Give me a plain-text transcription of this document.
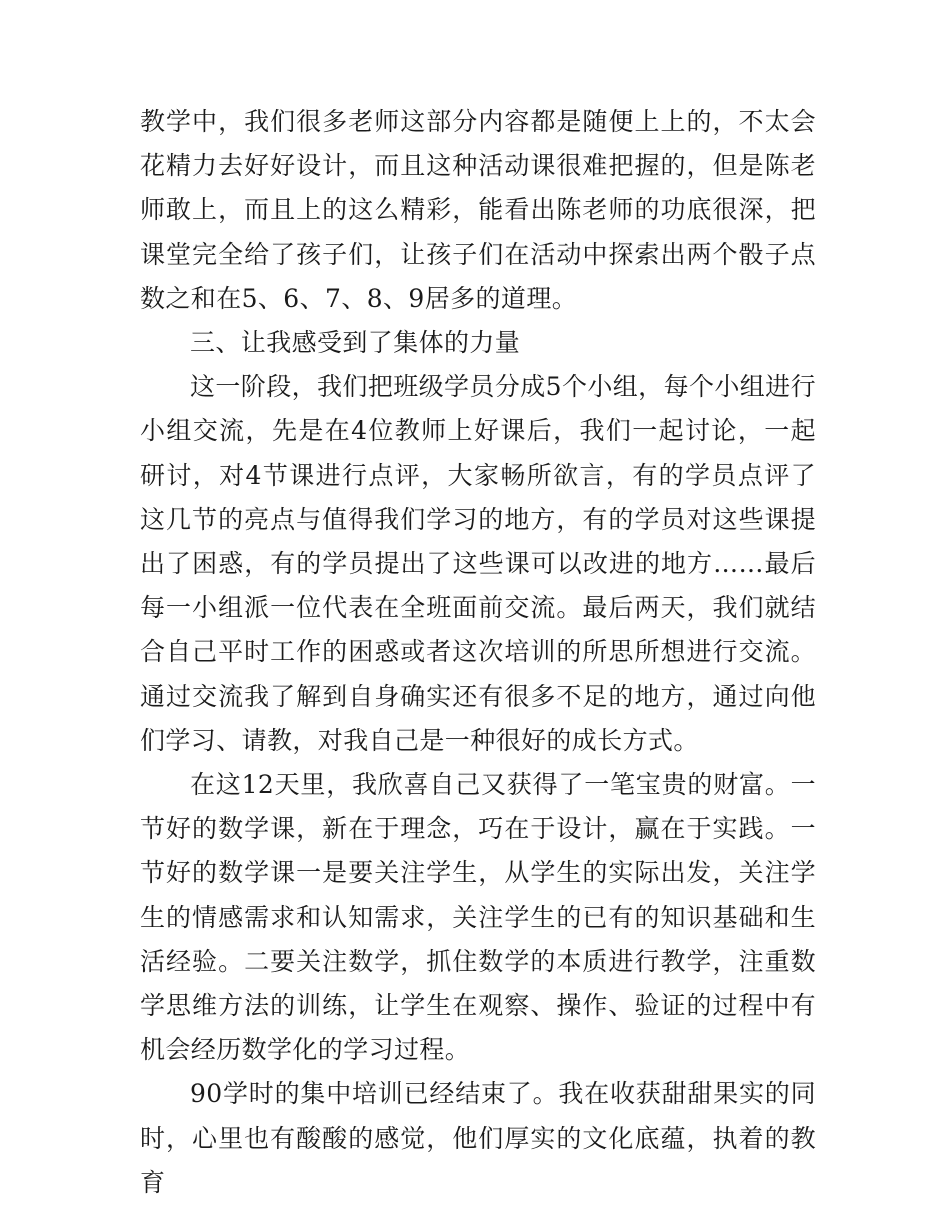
教学中，我们很多老师这部分内容都是随便上上的，不太会花精力去好好设计，而且这种活动课很难把握的，但是陈老师敢上，而且上的这么精彩，能看出陈老师的功底很深，把课堂完全给了孩子们，让孩子们在活动中探索出两个骰子点数之和在5、6、7、8、9居多的道理。

三、让我感受到了集体的力量

这一阶段，我们把班级学员分成5个小组，每个小组进行小组交流，先是在4位教师上好课后，我们一起讨论，一起研讨，对4节课进行点评，大家畅所欲言，有的学员点评了这几节的亮点与值得我们学习的地方，有的学员对这些课提出了困惑，有的学员提出了这些课可以改进的地方……最后每一小组派一位代表在全班面前交流。最后两天，我们就结合自己平时工作的困惑或者这次培训的所思所想进行交流。通过交流我了解到自身确实还有很多不足的地方，通过向他们学习、请教，对我自己是一种很好的成长方式。

在这12天里，我欣喜自己又获得了一笔宝贵的财富。一节好的数学课，新在于理念，巧在于设计，赢在于实践。一节好的数学课一是要关注学生，从学生的实际出发，关注学生的情感需求和认知需求，关注学生的已有的知识基础和生活经验。二要关注数学，抓住数学的本质进行教学，注重数学思维方法的训练，让学生在观察、操作、验证的过程中有机会经历数学化的学习过程。

90学时的集中培训已经结束了。我在收获甜甜果实的同时，心里也有酸酸的感觉，他们厚实的文化底蕴，执着的教育
